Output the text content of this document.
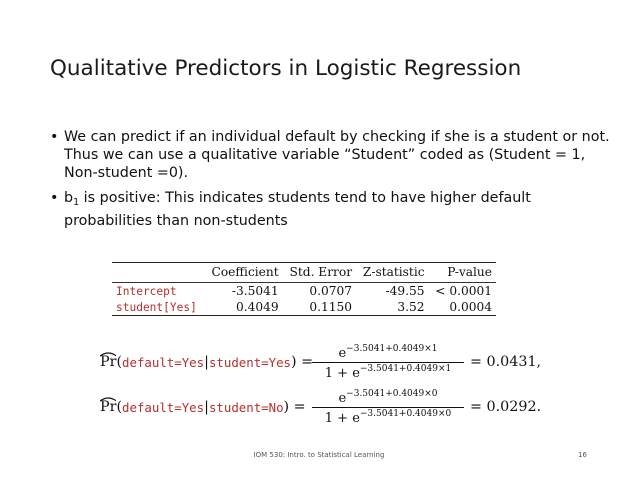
Qualitative Predictors in Logistic Regression
• We can predict if an individual default by checking if she is a student or not. Thus we can use a qualitative variable “Student” coded as (Student = 1, Non-student =0).
• $b_1$ is positive: This indicates students tend to have higher default probabilities than non-students
	Coefficient	Std. Error	Z-statistic	P-value
Intercept	-3.5041	0.0707	-49.55	< 0.0001
student[Yes]	0.4049	0.1150	3.52	0.0004
Pr ( default=Yes | student=Yes ) =
$e^{-3.5041+0.4049\times 1}$
$1 + e^{-3.5041+0.4049\times 1}$	= 0.0431,
Pr ( default=Yes | student=No ) =
$e^{-3.5041+0.4049\times 0}$
$1 + e^{-3.5041+0.4049\times 0}$	= 0.0292.
IOM 530: Intro. to Statistical Learning	16
